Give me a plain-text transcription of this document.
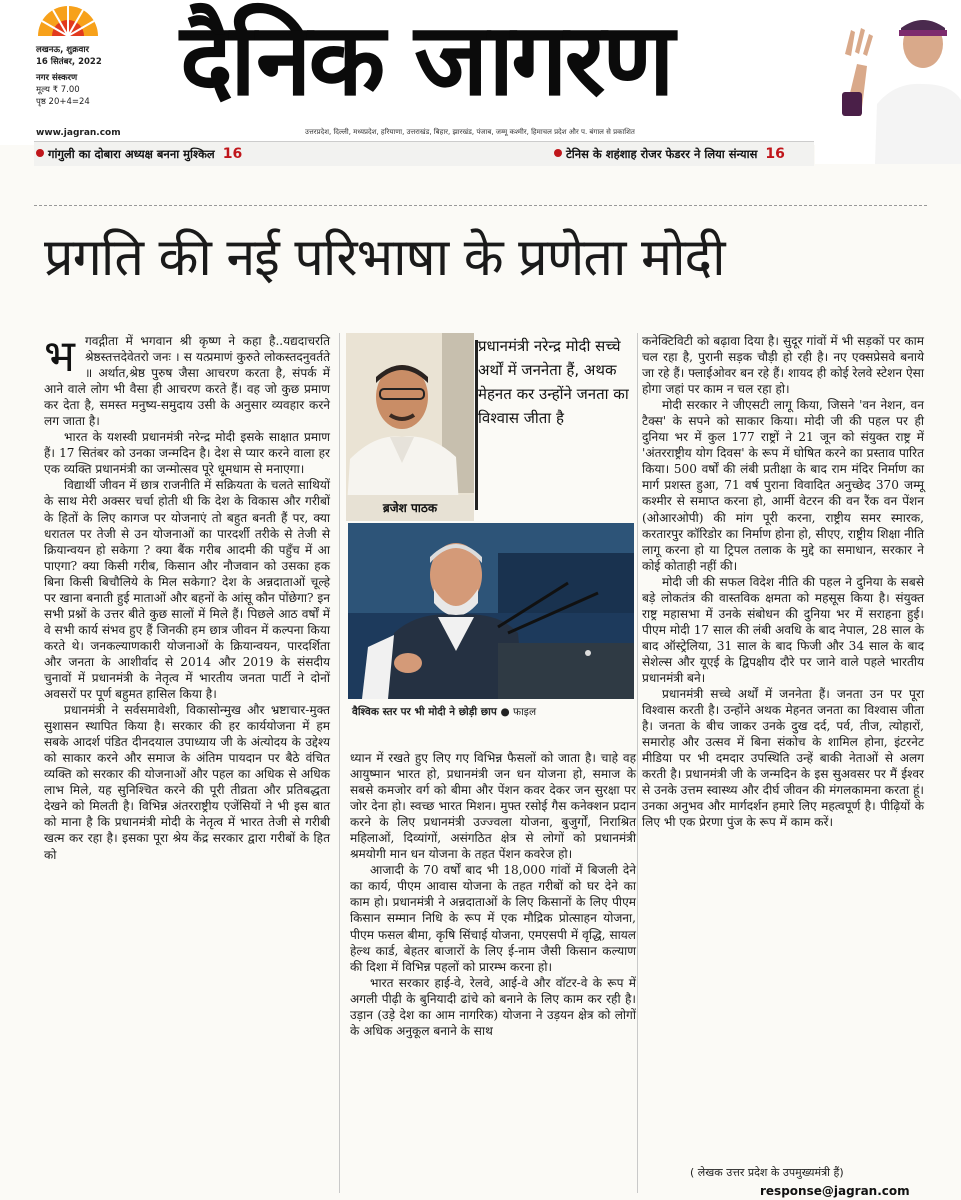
लखनऊ, शुक्रवार
16 सितंबर, 2022
नगर संस्करण
मूल्य ₹ 7.00
पृष्ठ 20+4=24 दैनिक जागरण
www.jagran.com	उत्तरप्रदेश, दिल्ली, मध्यप्रदेश, हरियाणा, उत्तराखंड, बिहार, झारखंड, पंजाब, जम्मू कश्मीर, हिमाचल प्रदेश और प. बंगाल से प्रकाशित
गांगुली का दोबारा अध्यक्ष बनना मुश्किल 16	टेनिस के शहंशाह रोजर फेडरर ने लिया संन्यास 16
प्रगति की नई परिभाषा के प्रणेता मोदी

भगवद्गीता में भगवान श्री कृष्ण ने कहा है..यद्यदाचरति श्रेष्ठस्तत्तदेवेतरो जनः । स यत्प्रमाणं कुरुते लोकस्तदनुवर्तते ॥ अर्थात,श्रेष्ठ पुरुष जैसा आचरण करता है, संपर्क में आने वाले लोग भी वैसा ही आचरण करते हैं। वह जो कुछ प्रमाण कर देता है, समस्त मनुष्य-समुदाय उसी के अनुसार व्यवहार करने लग जाता है।

भारत के यशस्वी प्रधानमंत्री नरेन्द्र मोदी इसके साक्षात प्रमाण हैं। 17 सितंबर को उनका जन्मदिन है। देश से प्यार करने वाला हर एक व्यक्ति प्रधानमंत्री का जन्मोत्सव पूरे धूमधाम से मनाएगा।

विद्यार्थी जीवन में छात्र राजनीति में सक्रियता के चलते साथियों के साथ मेरी अक्सर चर्चा होती थी कि देश के विकास और गरीबों के हितों के लिए कागज पर योजनाएं तो बहुत बनती हैं पर, क्या धरातल पर तेजी से उन योजनाओं का पारदर्शी तरीके से तेजी से क्रियान्वयन हो सकेगा ? क्या बैंक गरीब आदमी की पहुँच में आ पाएगा? क्या किसी गरीब, किसान और नौजवान को उसका हक बिना किसी बिचौलिये के मिल सकेगा? देश के अन्नदाताओं चूल्हे पर खाना बनाती हुई माताओं और बहनों के आंसू कौन पोंछेगा? इन सभी प्रश्नों के उत्तर बीते कुछ सालों में मिले हैं। पिछले आठ वर्षों में वे सभी कार्य संभव हुए हैं जिनकी हम छात्र जीवन में कल्पना किया करते थे। जनकल्याणकारी योजनाओं के क्रियान्वयन, पारदर्शिता और जनता के आशीर्वाद से 2014 और 2019 के संसदीय चुनावों में प्रधानमंत्री के नेतृत्व में भारतीय जनता पार्टी ने दोनों अवसरों पर पूर्ण बहुमत हासिल किया है।

प्रधानमंत्री ने सर्वसमावेशी, विकासोन्मुख और भ्रष्टाचार-मुक्त सुशासन स्थापित किया है। सरकार की हर कार्ययोजना में हम सबके आदर्श पंडित दीनदयाल उपाध्याय जी के अंत्योदय के उद्देश्य को साकार करने और समाज के अंतिम पायदान पर बैठे वंचित व्यक्ति को सरकार की योजनाओं और पहल का अधिक से अधिक लाभ मिले, यह सुनिश्चित करने की पूरी तीव्रता और प्रतिबद्धता देखने को मिलती है। विभिन्न अंतरराष्ट्रीय एजेंसियों ने भी इस बात को माना है कि प्रधानमंत्री मोदी के नेतृत्व में भारत तेजी से गरीबी खत्म कर रहा है। इसका पूरा श्रेय केंद्र सरकार द्वारा गरीबों के हित को

ब्रजेश पाठक
प्रधानमंत्री नरेन्द्र मोदी सच्चे अर्थों में जननेता हैं, अथक मेहनत कर उन्होंने जनता का विश्वास जीता है
वैश्विक स्तर पर भी मोदी ने छोड़ी छाप ● फाइल

ध्यान में रखते हुए लिए गए विभिन्न फैसलों को जाता है। चाहे वह आयुष्मान भारत हो, प्रधानमंत्री जन धन योजना हो, समाज के सबसे कमजोर वर्ग को बीमा और पेंशन कवर देकर जन सुरक्षा पर जोर देना हो। स्वच्छ भारत मिशन। मुफ्त रसोई गैस कनेक्शन प्रदान करने के लिए प्रधानमंत्री उज्ज्वला योजना, बुजुर्गों, निराश्रित महिलाओं, दिव्यांगों, असंगठित क्षेत्र से लोगों को प्रधानमंत्री श्रमयोगी मान धन योजना के तहत पेंशन कवरेज हो।

आजादी के 70 वर्षों बाद भी 18,000 गांवों में बिजली देने का कार्य, पीएम आवास योजना के तहत गरीबों को घर देने का काम हो। प्रधानमंत्री ने अन्नदाताओं के लिए किसानों के लिए पीएम किसान सम्मान निधि के रूप में एक मौद्रिक प्रोत्साहन योजना, पीएम फसल बीमा, कृषि सिंचाई योजना, एमएसपी में वृद्धि, सायल हेल्थ कार्ड, बेहतर बाजारों के लिए ई-नाम जैसी किसान कल्याण की दिशा में विभिन्न पहलों को प्रारम्भ करना हो।

भारत सरकार हाई-वे, रेलवे, आई-वे और वॉटर-वे के रूप में अगली पीढ़ी के बुनियादी ढांचे को बनाने के लिए काम कर रही है। उड़ान (उड़े देश का आम नागरिक) योजना ने उड़यन क्षेत्र को लोगों के अधिक अनुकूल बनाने के साथ

कनेक्टिविटी को बढ़ावा दिया है। सुदूर गांवों में भी सड़कों पर काम चल रहा है, पुरानी सड़क चौड़ी हो रही है। नए एक्सप्रेसवे बनाये जा रहे हैं। फ्लाईओवर बन रहे हैं। शायद ही कोई रेलवे स्टेशन ऐसा होगा जहां पर काम न चल रहा हो।

मोदी सरकार ने जीएसटी लागू किया, जिसने 'वन नेशन, वन टैक्स' के सपने को साकार किया। मोदी जी की पहल पर ही दुनिया भर में कुल 177 राष्ट्रों ने 21 जून को संयुक्त राष्ट्र में 'अंतरराष्ट्रीय योग दिवस' के रूप में घोषित करने का प्रस्ताव पारित किया। 500 वर्षों की लंबी प्रतीक्षा के बाद राम मंदिर निर्माण का मार्ग प्रशस्त हुआ, 71 वर्ष पुराना विवादित अनुच्छेद 370 जम्मू कश्मीर से समाप्त करना हो, आर्मी वेटरन की वन रैंक वन पेंशन (ओआरओपी) की मांग पूरी करना, राष्ट्रीय समर स्मारक, करतारपुर कॉरिडोर का निर्माण होना हो, सीएए, राष्ट्रीय शिक्षा नीति लागू करना हो या ट्रिपल तलाक के मुद्दे का समाधान, सरकार ने कोई कोताही नहीं की।

मोदी जी की सफल विदेश नीति की पहल ने दुनिया के सबसे बड़े लोकतंत्र की वास्तविक क्षमता को महसूस किया है। संयुक्त राष्ट्र महासभा में उनके संबोधन की दुनिया भर में सराहना हुई। पीएम मोदी 17 साल की लंबी अवधि के बाद नेपाल, 28 साल के बाद ऑस्ट्रेलिया, 31 साल के बाद फिजी और 34 साल के बाद सेशेल्स और यूएई के द्विपक्षीय दौरे पर जाने वाले पहले भारतीय प्रधानमंत्री बने।

प्रधानमंत्री सच्चे अर्थों में जननेता हैं। जनता उन पर पूरा विश्वास करती है। उन्होंने अथक मेहनत जनता का विश्वास जीता है। जनता के बीच जाकर उनके दुख दर्द, पर्व, तीज, त्योहारों, समारोह और उत्सव में बिना संकोच के शामिल होना, इंटरनेट मीडिया पर भी दमदार उपस्थिति उन्हें बाकी नेताओं से अलग करती है। प्रधानमंत्री जी के जन्मदिन के इस सुअवसर पर मैं ईश्वर से उनके उत्तम स्वास्थ्य और दीर्घ जीवन की मंगलकामना करता हूं। उनका अनुभव और मार्गदर्शन हमारे लिए महत्वपूर्ण है। पीढ़ियों के लिए भी एक प्रेरणा पुंज के रूप में काम करें।

( लेखक उत्तर प्रदेश के उपमुख्यमंत्री हैं)
response@jagran.com
